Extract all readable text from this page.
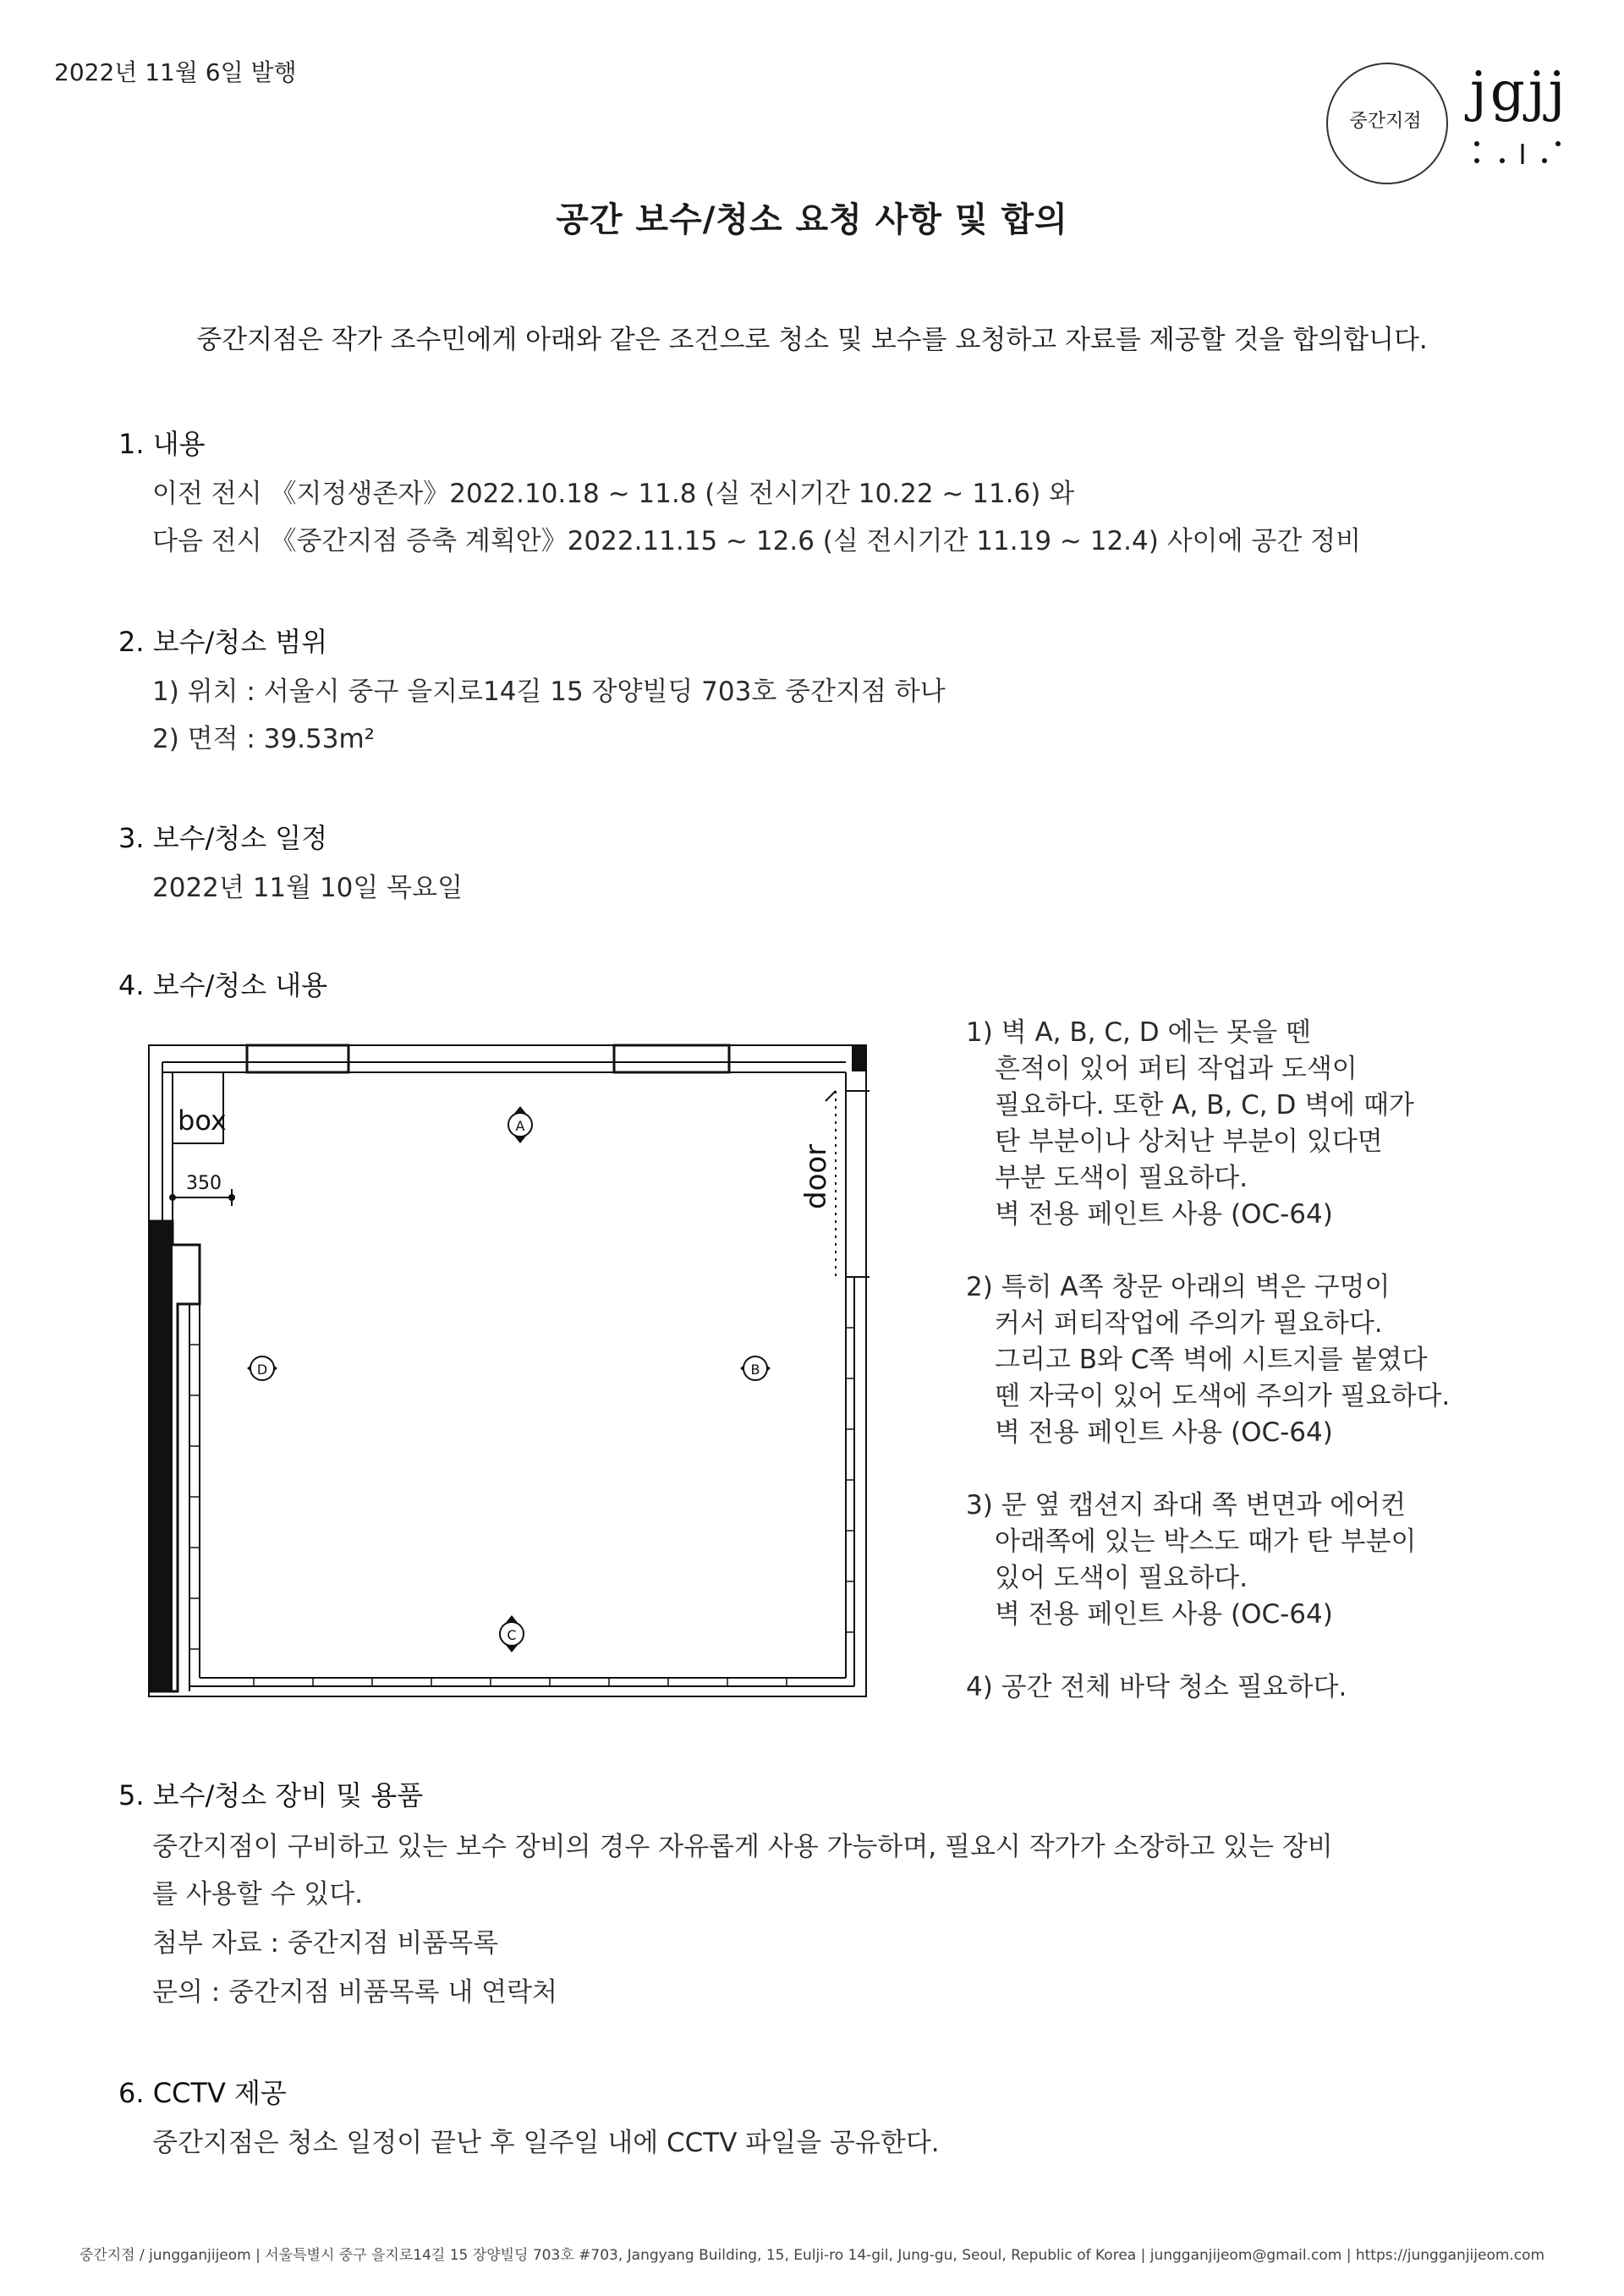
2022년 11월 6일 발행
중간지점 jgjj
공간 보수/청소 요청 사항 및 합의
중간지점은 작가 조수민에게 아래와 같은 조건으로 청소 및 보수를 요청하고 자료를 제공할 것을 합의합니다.
1. 내용
이전 전시 《지정생존자》2022.10.18 ~ 11.8 (실 전시기간 10.22 ~ 11.6) 와
다음 전시 《중간지점 증축 계획안》2022.11.15 ~ 12.6 (실 전시기간 11.19 ~ 12.4) 사이에 공간 정비
2. 보수/청소 범위
1) 위치 : 서울시 중구 을지로14길 15 장양빌딩 703호 중간지점 하나
2) 면적 : 39.53m²
3. 보수/청소 일정
2022년 11월 10일 목요일
4. 보수/청소 내용
box
350	door
A
B
C
D
1) 벽 A, B, C, D 에는 못을 뗀
흔적이 있어 퍼티 작업과 도색이
필요하다. 또한 A, B, C, D 벽에 때가
탄 부분이나 상처난 부분이 있다면
부분 도색이 필요하다.
벽 전용 페인트 사용 (OC-64)
2) 특히 A쪽 창문 아래의 벽은 구멍이
커서 퍼티작업에 주의가 필요하다.
그리고 B와 C쪽 벽에 시트지를 붙였다
뗀 자국이 있어 도색에 주의가 필요하다.
벽 전용 페인트 사용 (OC-64)
3) 문 옆 캡션지 좌대 쪽 변면과 에어컨
아래쪽에 있는 박스도 때가 탄 부분이
있어 도색이 필요하다.
벽 전용 페인트 사용 (OC-64)
4) 공간 전체 바닥 청소 필요하다.
5. 보수/청소 장비 및 용품
중간지점이 구비하고 있는 보수 장비의 경우 자유롭게 사용 가능하며, 필요시 작가가 소장하고 있는 장비
를 사용할 수 있다.
첨부 자료 : 중간지점 비품목록
문의 : 중간지점 비품목록 내 연락처
6. CCTV 제공
중간지점은 청소 일정이 끝난 후 일주일 내에 CCTV 파일을 공유한다.
중간지점 / jungganjijeom | 서울특별시 중구 을지로14길 15 장양빌딩 703호 #703, Jangyang Building, 15, Eulji-ro 14-gil, Jung-gu, Seoul, Republic of Korea | jungganjijeom@gmail.com | https://jungganjijeom.com
